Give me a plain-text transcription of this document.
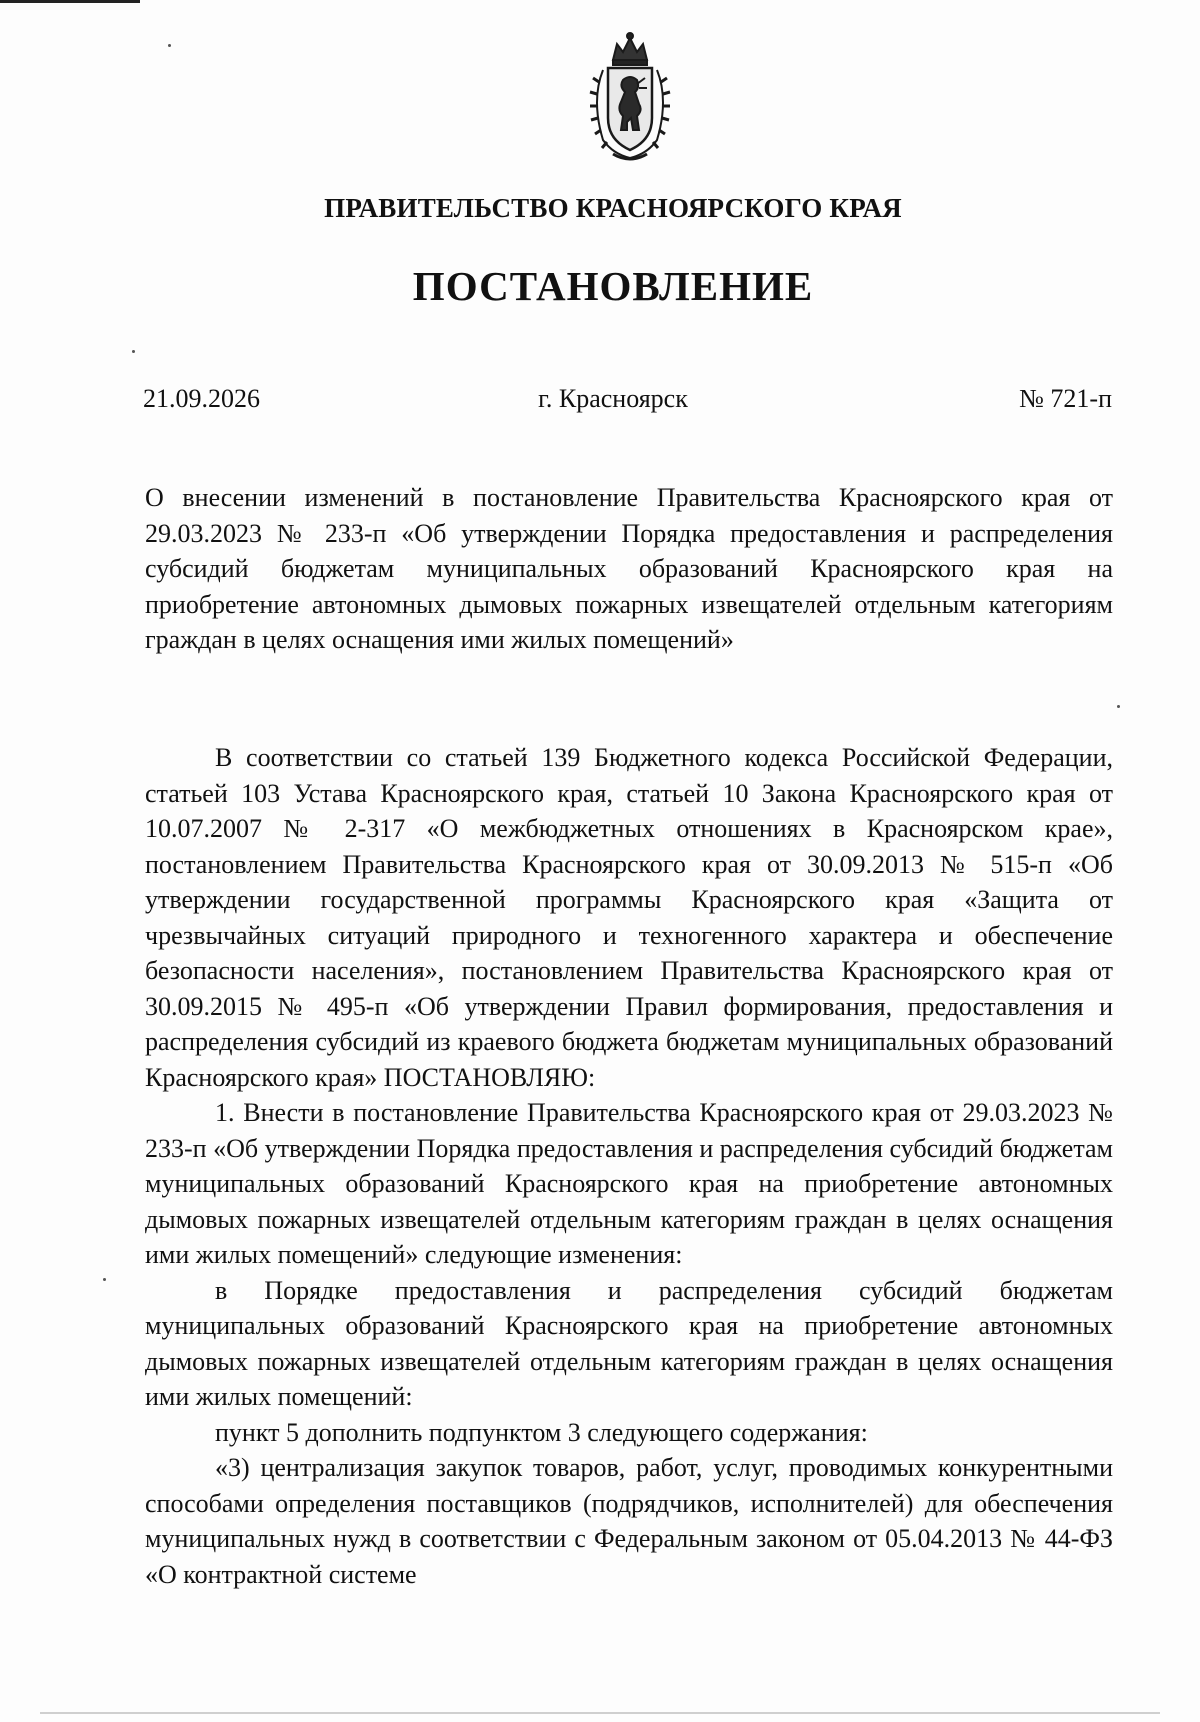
ПРАВИТЕЛЬСТВО КРАСНОЯРСКОГО КРАЯ
ПОСТАНОВЛЕНИЕ
21.09.2026	г. Красноярск	№ 721-п

О внесении изменений в постановление Правительства Красноярского края от 29.03.2023 № 233-п «Об утверждении Порядка предоставления и распределения субсидий бюджетам муниципальных образований Красноярского края на приобретение автономных дымовых пожарных извещателей отдельным категориям граждан в целях оснащения ими жилых помещений»

В соответствии со статьей 139 Бюджетного кодекса Российской Федерации, статьей 103 Устава Красноярского края, статьей 10 Закона Красноярского края от 10.07.2007 № 2-317 «О межбюджетных отношениях в Красноярском крае», постановлением Правительства Красноярского края от 30.09.2013 № 515-п «Об утверждении государственной программы Красноярского края «Защита от чрезвычайных ситуаций природного и техногенного характера и обеспечение безопасности населения», постановлением Правительства Красноярского края от 30.09.2015 № 495-п «Об утверждении Правил формирования, предоставления и распределения субсидий из краевого бюджета бюджетам муниципальных образований Красноярского края» ПОСТАНОВЛЯЮ:

1. Внести в постановление Правительства Красноярского края от 29.03.2023 № 233-п «Об утверждении Порядка предоставления и распределения субсидий бюджетам муниципальных образований Красноярского края на приобретение автономных дымовых пожарных извещателей отдельным категориям граждан в целях оснащения ими жилых помещений» следующие изменения:

в Порядке предоставления и распределения субсидий бюджетам муниципальных образований Красноярского края на приобретение автономных дымовых пожарных извещателей отдельным категориям граждан в целях оснащения ими жилых помещений:

пункт 5 дополнить подпунктом 3 следующего содержания:

«3) централизация закупок товаров, работ, услуг, проводимых конкурентными способами определения поставщиков (подрядчиков, исполнителей) для обеспечения муниципальных нужд в соответствии с Федеральным законом от 05.04.2013 № 44-ФЗ «О контрактной системе
